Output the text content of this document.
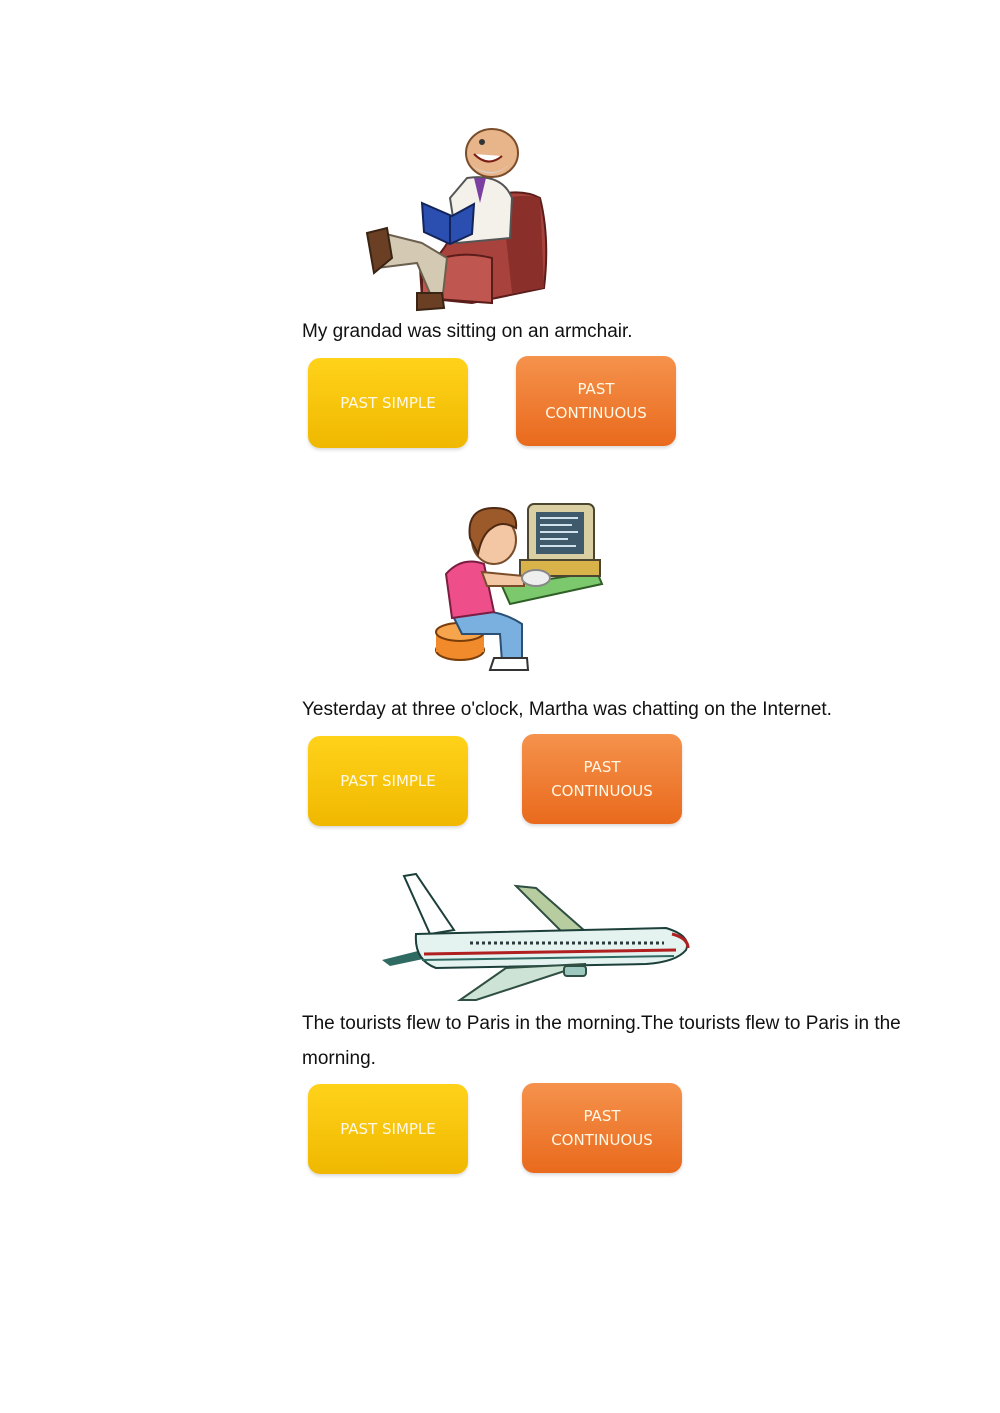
My grandad was sitting on an armchair.

PAST SIMPLE
PAST
CONTINUOUS

Yesterday at three o'clock, Martha was chatting on the Internet.

PAST SIMPLE
PAST
CONTINUOUS

The tourists flew to Paris in the morning.The tourists flew to Paris in the morning.

PAST SIMPLE
PAST
CONTINUOUS
